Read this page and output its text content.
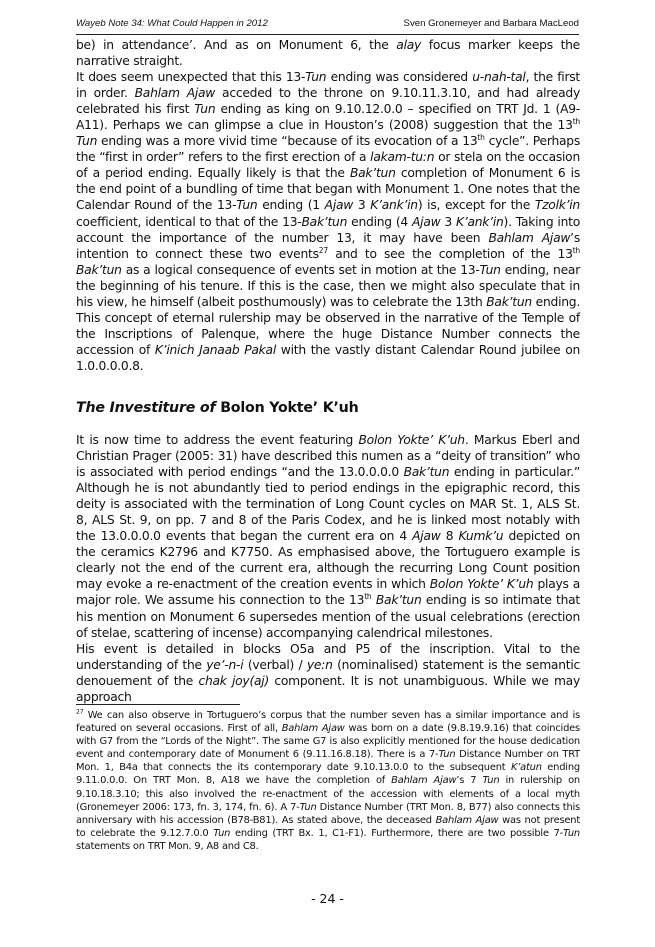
Wayeb Note 34: What Could Happen in 2012	Sven Gronemeyer and Barbara MacLeod

be) in attendance’. And as on Monument 6, the alay focus marker keeps the narrative straight.

It does seem unexpected that this 13-Tun ending was considered u-nah-tal, the first in order. Bahlam Ajaw acceded to the throne on 9.10.11.3.10, and had already celebrated his first Tun ending as king on 9.10.12.0.0 – specified on TRT Jd. 1 (A9-A11). Perhaps we can glimpse a clue in Houston’s (2008) suggestion that the 13th Tun ending was a more vivid time “because of its evocation of a 13th cycle”. Perhaps the “first in order” refers to the first erection of a lakam-tu:n or stela on the occasion of a period ending. Equally likely is that the Bak’tun completion of Monument 6 is the end point of a bundling of time that began with Monument 1. One notes that the Calendar Round of the 13-Tun ending (1 Ajaw 3 K’ank’in) is, except for the Tzolk’in coefficient, identical to that of the 13-Bak’tun ending (4 Ajaw 3 K’ank’in). Taking into account the importance of the number 13, it may have been Bahlam Ajaw’s intention to connect these two events$^{27}$ and to see the completion of the 13th Bak’tun as a logical consequence of events set in motion at the 13-Tun ending, near the beginning of his tenure. If this is the case, then we might also speculate that in his view, he himself (albeit posthumously) was to celebrate the 13th Bak’tun ending. This concept of eternal rulership may be observed in the narrative of the Temple of the Inscriptions of Palenque, where the huge Distance Number connects the accession of K’inich Janaab Pakal with the vastly distant Calendar Round jubilee on 1.0.0.0.0.8.

The Investiture of Bolon Yokte’ K’uh

It is now time to address the event featuring Bolon Yokte’ K’uh. Markus Eberl and Christian Prager (2005: 31) have described this numen as a “deity of transition” who is associated with period endings “and the 13.0.0.0.0 Bak’tun ending in particular.” Although he is not abundantly tied to period endings in the epigraphic record, this deity is associated with the termination of Long Count cycles on MAR St. 1, ALS St. 8, ALS St. 9, on pp. 7 and 8 of the Paris Codex, and he is linked most notably with the 13.0.0.0.0 events that began the current era on 4 Ajaw 8 Kumk’u depicted on the ceramics K2796 and K7750. As emphasised above, the Tortuguero example is clearly not the end of the current era, although the recurring Long Count position may evoke a re-enactment of the creation events in which Bolon Yokte’ K’uh plays a major role. We assume his connection to the 13th Bak’tun ending is so intimate that his mention on Monument 6 supersedes mention of the usual celebrations (erection of stelae, scattering of incense) accompanying calendrical milestones.

His event is detailed in blocks O5a and P5 of the inscription. Vital to the understanding of the ye’-n-i (verbal) / ye:n (nominalised) statement is the semantic denouement of the chak joy(aj) component. It is not unambiguous. While we may approach

$^{27}$ We can also observe in Tortuguero’s corpus that the number seven has a similar importance and is featured on several occasions. First of all, Bahlam Ajaw was born on a date (9.8.19.9.16) that coincides with G7 from the “Lords of the Night”. The same G7 is also explicitly mentioned for the house dedication event and contemporary date of Monument 6 (9.11.16.8.18). There is a 7-Tun Distance Number on TRT Mon. 1, B4a that connects the its contemporary date 9.10.13.0.0 to the subsequent K’atun ending 9.11.0.0.0. On TRT Mon. 8, A18 we have the completion of Bahlam Ajaw’s 7 Tun in rulership on 9.10.18.3.10; this also involved the re-enactment of the accession with elements of a local myth (Gronemeyer 2006: 173, fn. 3, 174, fn. 6). A 7-Tun Distance Number (TRT Mon. 8, B77) also connects this anniversary with his accession (B78-B81). As stated above, the deceased Bahlam Ajaw was not present to celebrate the 9.12.7.0.0 Tun ending (TRT Bx. 1, C1-F1). Furthermore, there are two possible 7-Tun statements on TRT Mon. 9, A8 and C8.

- 24 -
